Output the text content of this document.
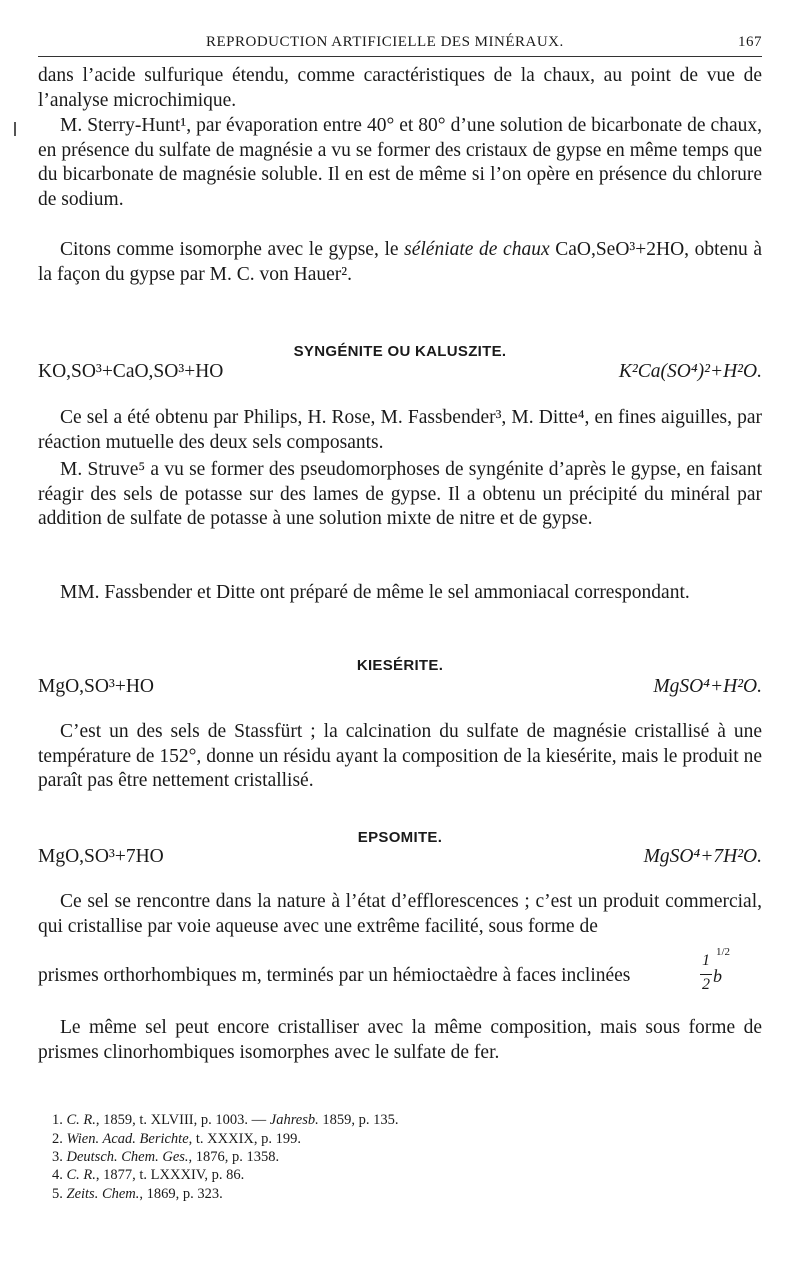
REPRODUCTION ARTIFICIELLE DES MINÉRAUX.	167
dans l’acide sulfurique étendu, comme caractéristiques de la chaux, au point de vue de l’analyse microchimique.
M. Sterry-Hunt¹, par évaporation entre 40° et 80° d’une solution de bicarbonate de chaux, en présence du sulfate de magnésie a vu se former des cristaux de gypse en même temps que du bicarbonate de magnésie soluble. Il en est de même si l’on opère en présence du chlorure de sodium.
Citons comme isomorphe avec le gypse, le séléniate de chaux CaO,SeO³+2HO, obtenu à la façon du gypse par M. C. von Hauer².
SYNGÉNITE OU KALUSZITE.
KO,SO³+CaO,SO³+HO	K²Ca(SO⁴)²+H²O.
Ce sel a été obtenu par Philips, H. Rose, M. Fassbender³, M. Ditte⁴, en fines aiguilles, par réaction mutuelle des deux sels composants.
M. Struve⁵ a vu se former des pseudomorphoses de syngénite d’après le gypse, en faisant réagir des sels de potasse sur des lames de gypse. Il a obtenu un précipité du minéral par addition de sulfate de potasse à une solution mixte de nitre et de gypse.
MM. Fassbender et Ditte ont préparé de même le sel ammoniacal correspondant.
KIESÉRITE.
MgO,SO³+HO	MgSO⁴+H²O.
C’est un des sels de Stassfürt ; la calcination du sulfate de magnésie cristallisé à une température de 152°, donne un résidu ayant la composition de la kiesérite, mais le produit ne paraît pas être nettement cristallisé.
EPSOMITE.
MgO,SO³+7HO	MgSO⁴+7H²O.
Ce sel se rencontre dans la nature à l’état d’efflorescences ; c’est un produit commercial, qui cristallise par voie aqueuse avec une extrême facilité, sous forme de
prismes orthorhombiques m, terminés par un hémioctaèdre à faces inclinées
1
2 b
1/2
Le même sel peut encore cristalliser avec la même composition, mais sous forme de prismes clinorhombiques isomorphes avec le sulfate de fer.
1. C. R., 1859, t. XLVIII, p. 1003. — Jahresb. 1859, p. 135.
2. Wien. Acad. Berichte, t. XXXIX, p. 199.
3. Deutsch. Chem. Ges., 1876, p. 1358.
4. C. R., 1877, t. LXXXIV, p. 86.
5. Zeits. Chem., 1869, p. 323.
